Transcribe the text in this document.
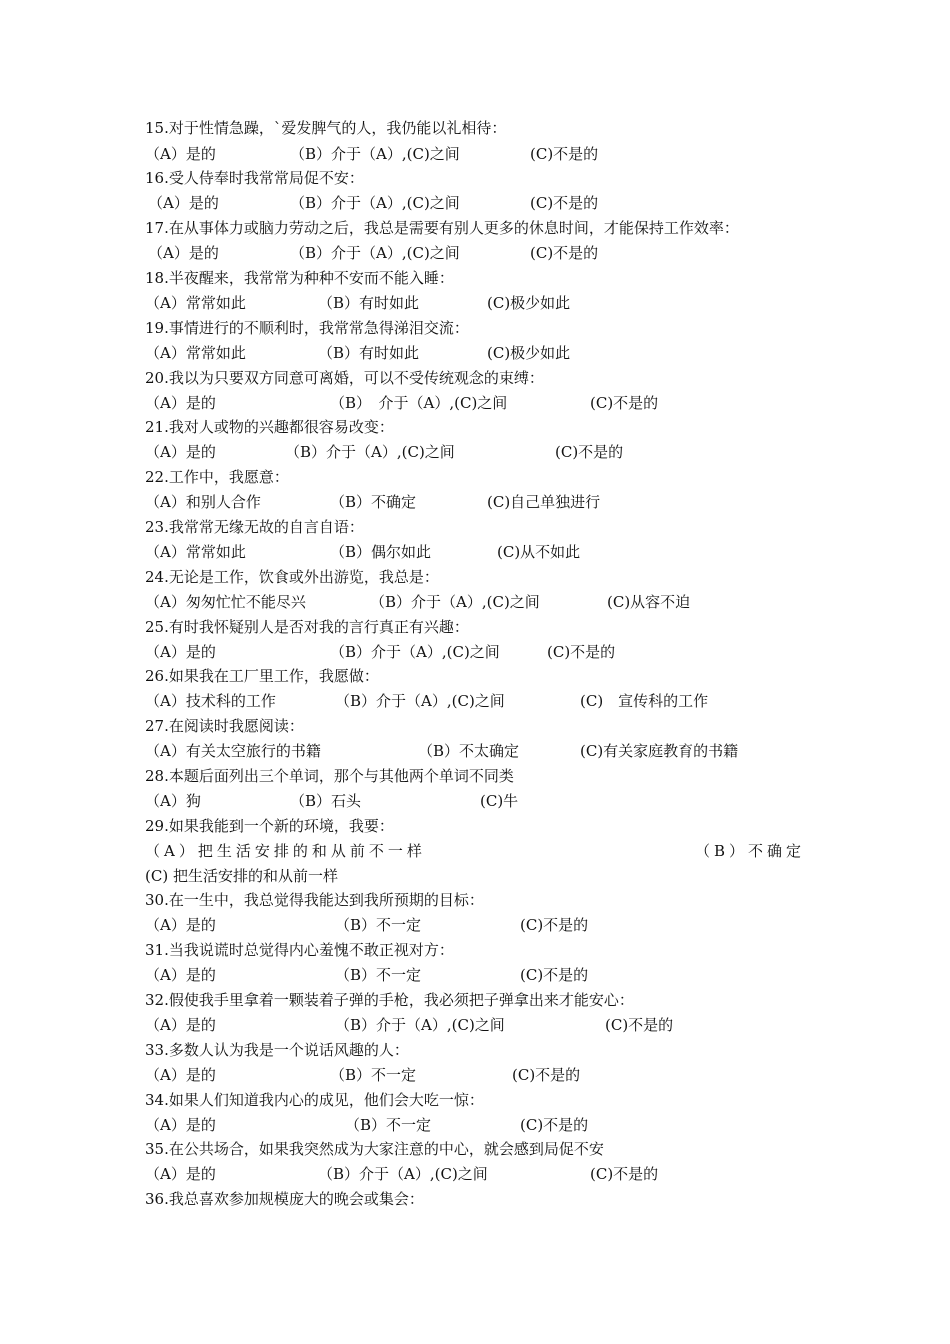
15.对于性情急躁，`爱发脾气的人，我仍能以礼相待：
（A）是的	（B）介于（A）,(C)之间	(C)不是的
16.受人侍奉时我常常局促不安：
（A）是的	（B）介于（A）,(C)之间	(C)不是的
17.在从事体力或脑力劳动之后，我总是需要有别人更多的休息时间，才能保持工作效率：
（A）是的	（B）介于（A）,(C)之间	(C)不是的
18.半夜醒来，我常常为种种不安而不能入睡：
（A）常常如此	（B）有时如此	(C)极少如此
19.事情进行的不顺利时，我常常急得涕泪交流：
（A）常常如此	（B）有时如此	(C)极少如此
20.我以为只要双方同意可离婚，可以不受传统观念的束缚：
（A）是的	（B）　介于（A）,(C)之间	(C)不是的
21.我对人或物的兴趣都很容易改变：
（A）是的	（B）介于（A）,(C)之间	(C)不是的
22.工作中，我愿意：
（A）和别人合作	（B）不确定	(C)自己单独进行
23.我常常无缘无故的自言自语：
（A）常常如此	（B）偶尔如此	(C)从不如此
24.无论是工作，饮食或外出游览，我总是：
（A）匆匆忙忙不能尽兴	（B）介于（A）,(C)之间	(C)从容不迫
25.有时我怀疑别人是否对我的言行真正有兴趣：
（A）是的	（B）介于（A）,(C)之间	(C)不是的
26.如果我在工厂里工作，我愿做：
（A）技术科的工作	（B）介于（A）,(C)之间	(C)　宣传科的工作
27.在阅读时我愿阅读：
（A）有关太空旅行的书籍	（B）不太确定	(C)有关家庭教育的书籍
28.本题后面列出三个单词，那个与其他两个单词不同类
（A）狗	（B）石头	(C)牛
29.如果我能到一个新的环境，我要：
（A）把生活安排的和从前不一样	（B）不确定
(C) 把生活安排的和从前一样
30.在一生中，我总觉得我能达到我所预期的目标：
（A）是的	（B）不一定	(C)不是的
31.当我说谎时总觉得内心羞愧不敢正视对方：
（A）是的	（B）不一定	(C)不是的
32.假使我手里拿着一颗装着子弹的手枪，我必须把子弹拿出来才能安心：
（A）是的	（B）介于（A）,(C)之间	(C)不是的
33.多数人认为我是一个说话风趣的人：
（A）是的	（B）不一定	(C)不是的
34.如果人们知道我内心的成见，他们会大吃一惊：
（A）是的	（B）不一定	(C)不是的
35.在公共场合，如果我突然成为大家注意的中心，就会感到局促不安
（A）是的	（B）介于（A）,(C)之间	(C)不是的
36.我总喜欢参加规模庞大的晚会或集会：
